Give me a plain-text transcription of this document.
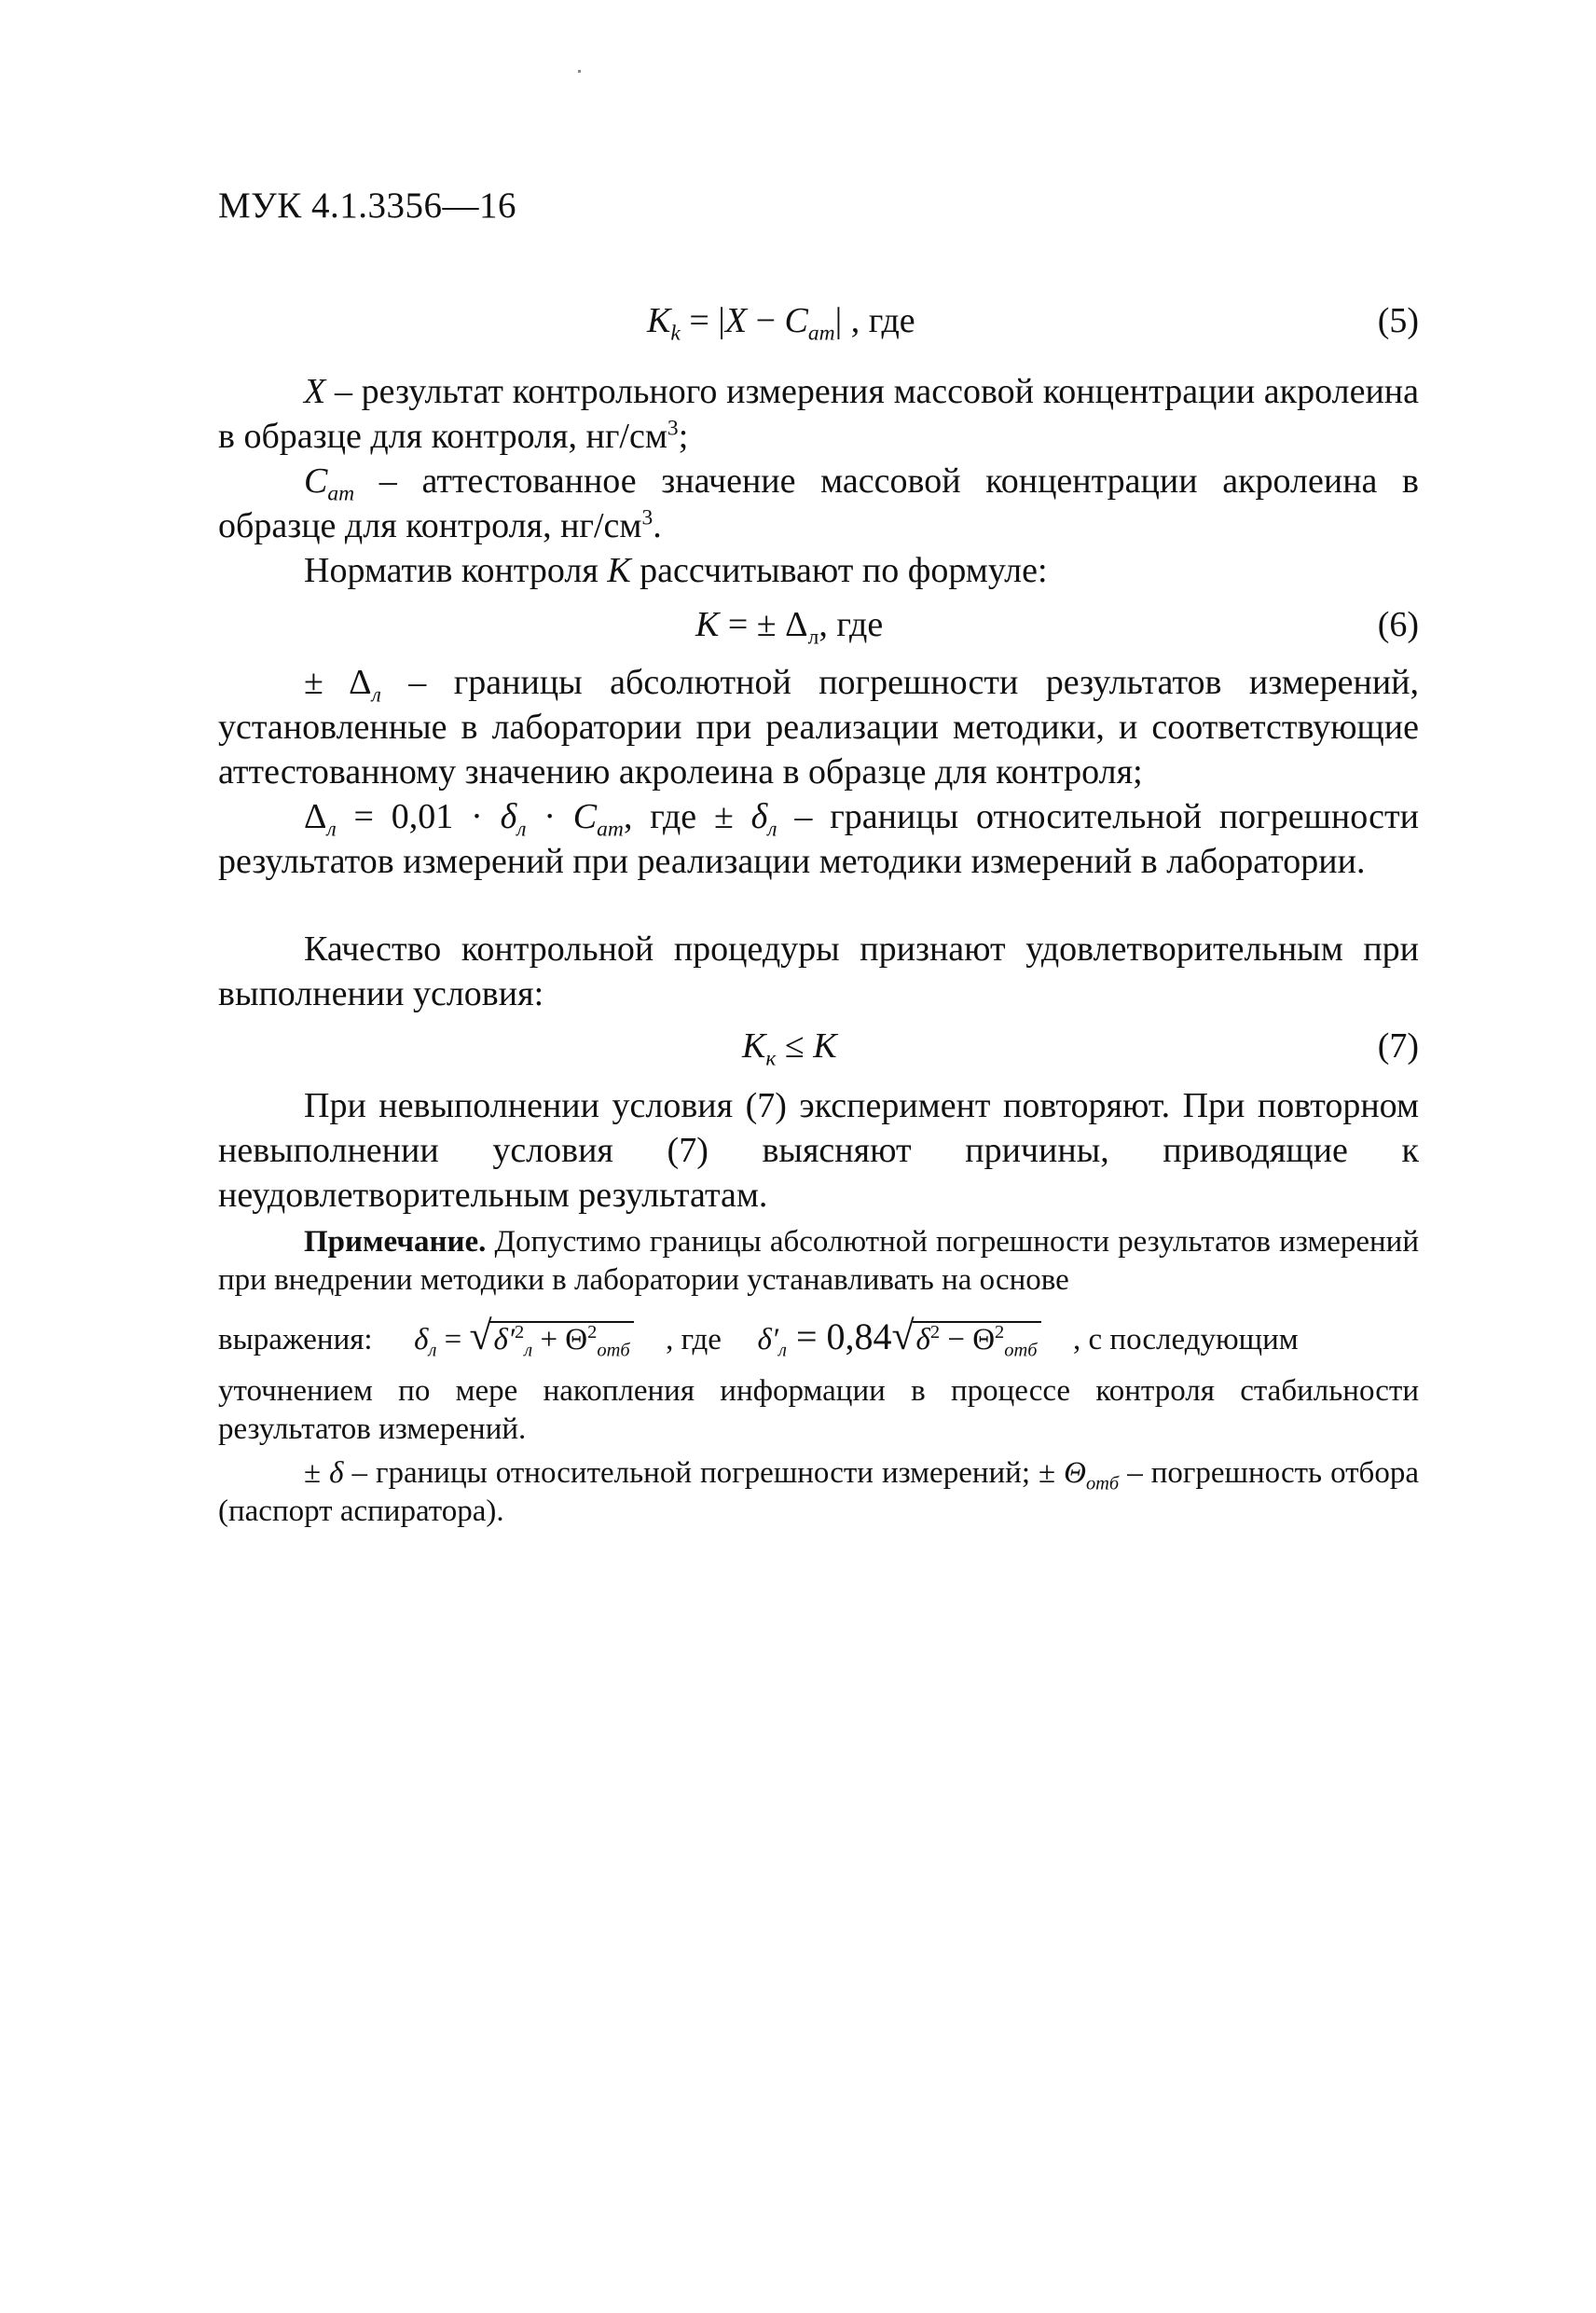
МУК 4.1.3356—16
$K_k = |X - C_{am}|$ , где	(5)
X – результат контрольного измерения массовой концентрации акролеина в образце для контроля, $нг/см^3$;
$C_{am}$ – аттестованное значение массовой концентрации акролеина в образце для контроля, $нг/см^3$.
Норматив контроля K рассчитывают по формуле:
K = ± $\Delta_л$, где	(6)
± $\Delta_л$ – границы абсолютной погрешности результатов измерений, установленные в лаборатории при реализации методики, и соответствующие аттестованному значению акролеина в образце для контроля;
$\Delta_л = 0,01 \cdot \delta_л \cdot C_{am}$, где ± $\delta_л$ – границы относительной погрешности результатов измерений при реализации методики измерений в лаборатории.
Качество контрольной процедуры признают удовлетворительным при выполнении условия:
$K_к \le K$	(7)
При невыполнении условия (7) эксперимент повторяют. При повторном невыполнении условия (7) выясняют причины, приводящие к неудовлетворительным результатам.
Примечание. Допустимо границы абсолютной погрешности результатов измерений при внедрении методики в лаборатории устанавливать на основе
выражения: $\delta_л$ = √ $\delta'^2_л + \Theta^2_{отб}$ , где $\delta'_л = 0,84√$ $\delta^2 - \Theta^2_{отб}$ , с последующим
уточнением по мере накопления информации в процессе контроля стабильности результатов измерений.
± δ – границы относительной погрешности измерений; ± $\Theta_{отб}$ – погрешность отбора (паспорт аспиратора).
